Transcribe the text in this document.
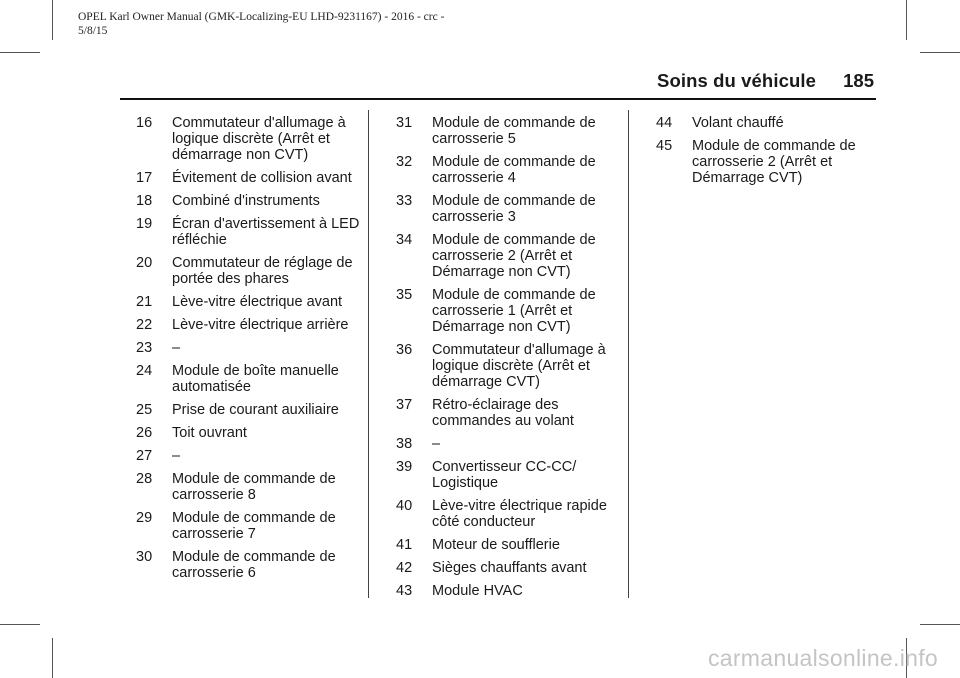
OPEL Karl Owner Manual (GMK-Localizing-EU LHD-9231167) - 2016 - crc -
5/8/15
Soins du véhicule 185
16	Commutateur d'allumage à logique discrète (Arrêt et démarrage non CVT)
17	Évitement de collision avant
18	Combiné d'instruments
19	Écran d'avertissement à LED réfléchie
20	Commutateur de réglage de portée des phares
21	Lève-vitre électrique avant
22	Lève-vitre électrique arrière
23	–
24	Module de boîte manuelle automatisée
25	Prise de courant auxiliaire
26	Toit ouvrant
27	–
28	Module de commande de carrosserie 8
29	Module de commande de carrosserie 7
30	Module de commande de carrosserie 6
31	Module de commande de carrosserie 5
32	Module de commande de carrosserie 4
33	Module de commande de carrosserie 3
34	Module de commande de carrosserie 2 (Arrêt et Démarrage non CVT)
35	Module de commande de carrosserie 1 (Arrêt et Démarrage non CVT)
36	Commutateur d'allumage à logique discrète (Arrêt et démarrage CVT)
37	Rétro-éclairage des commandes au volant
38	–
39	Convertisseur CC-CC/ Logistique
40	Lève-vitre électrique rapide côté conducteur
41	Moteur de soufflerie
42	Sièges chauffants avant
43	Module HVAC
44	Volant chauffé
45	Module de commande de carrosserie 2 (Arrêt et Démarrage CVT)
carmanualsonline.info
